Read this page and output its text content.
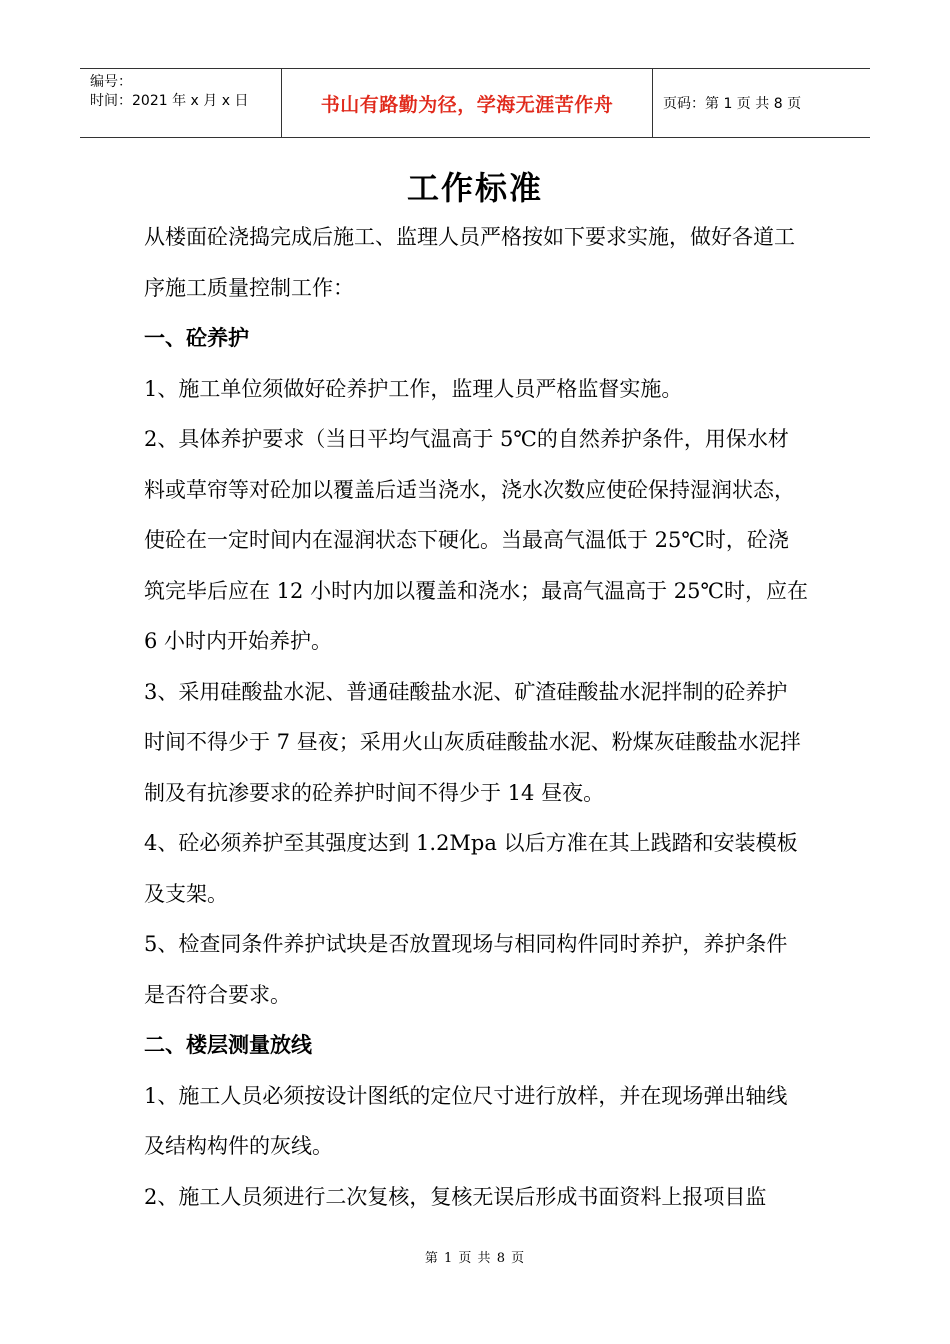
编号：
时间：2021 年 x 月 x 日	书山有路勤为径，学海无涯苦作舟	页码：第 1 页 共 8 页
工作标准

从楼面砼浇捣完成后施工、监理人员严格按如下要求实施，做好各道工序施工质量控制工作：

一、砼养护

1、施工单位须做好砼养护工作，监理人员严格监督实施。

2、具体养护要求（当日平均气温高于 5℃的自然养护条件，用保水材料或草帘等对砼加以覆盖后适当浇水，浇水次数应使砼保持湿润状态，使砼在一定时间内在湿润状态下硬化。当最高气温低于 25℃时，砼浇筑完毕后应在 12 小时内加以覆盖和浇水；最高气温高于 25℃时，应在 6 小时内开始养护。

3、采用硅酸盐水泥、普通硅酸盐水泥、矿渣硅酸盐水泥拌制的砼养护时间不得少于 7 昼夜；采用火山灰质硅酸盐水泥、粉煤灰硅酸盐水泥拌制及有抗渗要求的砼养护时间不得少于 14 昼夜。

4、砼必须养护至其强度达到 1.2Mpa 以后方准在其上践踏和安装模板及支架。

5、检查同条件养护试块是否放置现场与相同构件同时养护，养护条件是否符合要求。

二、楼层测量放线

1、施工人员必须按设计图纸的定位尺寸进行放样，并在现场弹出轴线及结构构件的灰线。

2、施工人员须进行二次复核，复核无误后形成书面资料上报项目监

第 1 页 共 8 页
